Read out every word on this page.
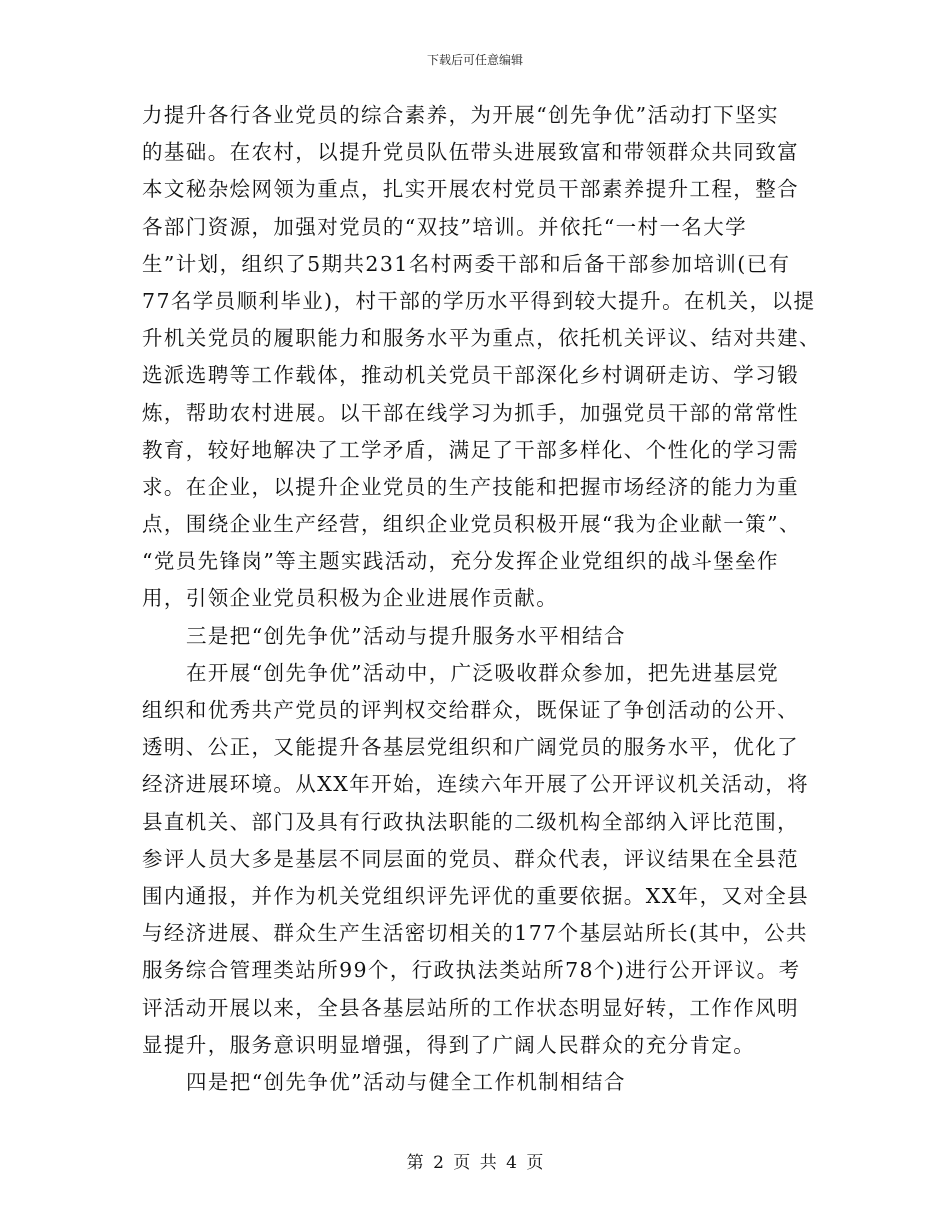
下载后可任意编辑
力提升各行各业党员的综合素养，为开展“创先争优”活动打下坚实
的基础。在农村，以提升党员队伍带头进展致富和带领群众共同致富
本文秘杂烩网领为重点，扎实开展农村党员干部素养提升工程，整合
各部门资源，加强对党员的“双技”培训。并依托“一村一名大学
生”计划，组织了5期共231名村两委干部和后备干部参加培训(已有
77名学员顺利毕业)，村干部的学历水平得到较大提升。在机关，以提
升机关党员的履职能力和服务水平为重点，依托机关评议、结对共建、
选派选聘等工作载体，推动机关党员干部深化乡村调研走访、学习锻
炼，帮助农村进展。以干部在线学习为抓手，加强党员干部的常常性
教育，较好地解决了工学矛盾，满足了干部多样化、个性化的学习需
求。在企业，以提升企业党员的生产技能和把握市场经济的能力为重
点，围绕企业生产经营，组织企业党员积极开展“我为企业献一策”、
“党员先锋岗”等主题实践活动，充分发挥企业党组织的战斗堡垒作
用，引领企业党员积极为企业进展作贡献。
三是把“创先争优”活动与提升服务水平相结合
在开展“创先争优”活动中，广泛吸收群众参加，把先进基层党
组织和优秀共产党员的评判权交给群众，既保证了争创活动的公开、
透明、公正，又能提升各基层党组织和广阔党员的服务水平，优化了
经济进展环境。从XX年开始，连续六年开展了公开评议机关活动，将
县直机关、部门及具有行政执法职能的二级机构全部纳入评比范围，
参评人员大多是基层不同层面的党员、群众代表，评议结果在全县范
围内通报，并作为机关党组织评先评优的重要依据。XX年，又对全县
与经济进展、群众生产生活密切相关的177个基层站所长(其中，公共
服务综合管理类站所99个，行政执法类站所78个)进行公开评议。考
评活动开展以来，全县各基层站所的工作状态明显好转，工作作风明
显提升，服务意识明显增强，得到了广阔人民群众的充分肯定。
四是把“创先争优”活动与健全工作机制相结合
第 2 页 共 4 页
